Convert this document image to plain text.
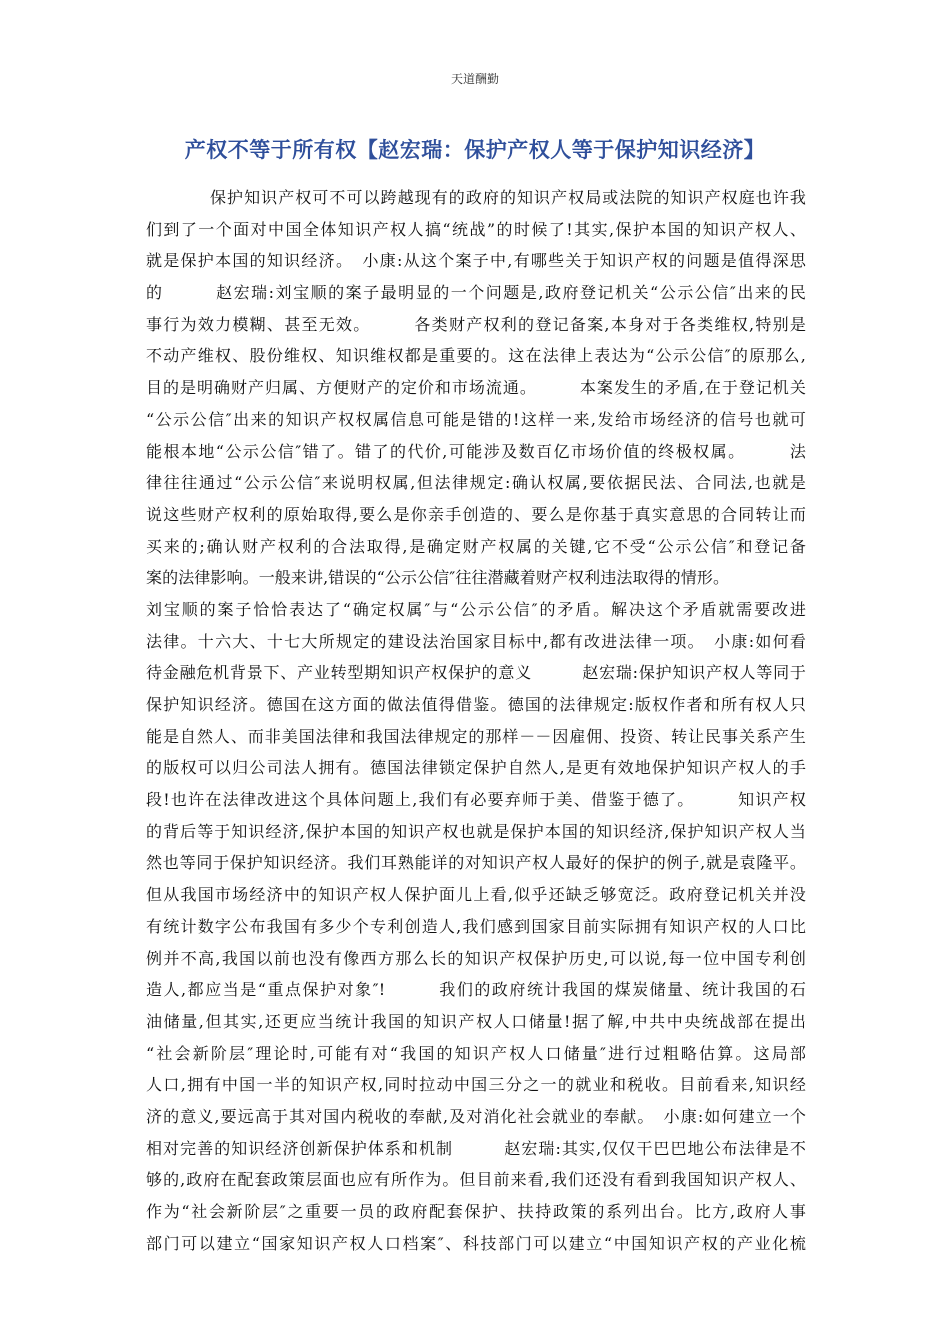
天道酬勤
产权不等于所有权【赵宏瑞：保护产权人等于保护知识经济】
保护知识产权可不可以跨越现有的政府的知识产权局或法院的知识产权庭也许我
们到了一个面对中国全体知识产权人搞“统战”的时候了!其实,保护本国的知识产权人、
就是保护本国的知识经济。　小康:从这个案子中,有哪些关于知识产权的问题是值得深思
的　　　赵宏瑞:刘宝顺的案子最明显的一个问题是,政府登记机关“公示公信″出来的民
事行为效力模糊、甚至无效。　　　各类财产权利的登记备案,本身对于各类维权,特别是
不动产维权、股份维权、知识维权都是重要的。这在法律上表达为“公示公信″的原那么,
目的是明确财产归属、方便财产的定价和市场流通。　　　本案发生的矛盾,在于登记机关
“公示公信″出来的知识产权权属信息可能是错的!这样一来,发给市场经济的信号也就可
能根本地“公示公信″错了。错了的代价,可能涉及数百亿市场价值的终极权属。　　　法
律往往通过“公示公信″来说明权属,但法律规定:确认权属,要依据民法、合同法,也就是
说这些财产权利的原始取得,要么是你亲手创造的、要么是你基于真实意思的合同转让而
买来的;确认财产权利的合法取得,是确定财产权属的关键,它不受“公示公信″和登记备
案的法律影响。一般来讲,错误的“公示公信″往往潜藏着财产权利违法取得的情形。
刘宝顺的案子恰恰表达了“确定权属″与“公示公信″的矛盾。解决这个矛盾就需要改进
法律。十六大、十七大所规定的建设法治国家目标中,都有改进法律一项。　小康:如何看
待金融危机背景下、产业转型期知识产权保护的意义　　　赵宏瑞:保护知识产权人等同于
保护知识经济。德国在这方面的做法值得借鉴。德国的法律规定:版权作者和所有权人只
能是自然人、而非美国法律和我国法律规定的那样－－因雇佣、投资、转让民事关系产生
的版权可以归公司法人拥有。德国法律锁定保护自然人,是更有效地保护知识产权人的手
段!也许在法律改进这个具体问题上,我们有必要弃师于美、借鉴于德了。　　　知识产权
的背后等于知识经济,保护本国的知识产权也就是保护本国的知识经济,保护知识产权人当
然也等同于保护知识经济。我们耳熟能详的对知识产权人最好的保护的例子,就是袁隆平。
但从我国市场经济中的知识产权人保护面儿上看,似乎还缺乏够宽泛。政府登记机关并没
有统计数字公布我国有多少个专利创造人,我们感到国家目前实际拥有知识产权的人口比
例并不高,我国以前也没有像西方那么长的知识产权保护历史,可以说,每一位中国专利创
造人,都应当是“重点保护对象″!　　　我们的政府统计我国的煤炭储量、统计我国的石
油储量,但其实,还更应当统计我国的知识产权人口储量!据了解,中共中央统战部在提出
“社会新阶层″理论时,可能有对“我国的知识产权人口储量″进行过粗略估算。这局部
人口,拥有中国一半的知识产权,同时拉动中国三分之一的就业和税收。目前看来,知识经
济的意义,要远高于其对国内税收的奉献,及对消化社会就业的奉献。　小康:如何建立一个
相对完善的知识经济创新保护体系和机制　　　赵宏瑞:其实,仅仅干巴巴地公布法律是不
够的,政府在配套政策层面也应有所作为。但目前来看,我们还没有看到我国知识产权人、
作为“社会新阶层″之重要一员的政府配套保护、扶持政策的系列出台。比方,政府人事
部门可以建立“国家知识产权人口档案″、科技部门可以建立“中国知识产权的产业化梳
